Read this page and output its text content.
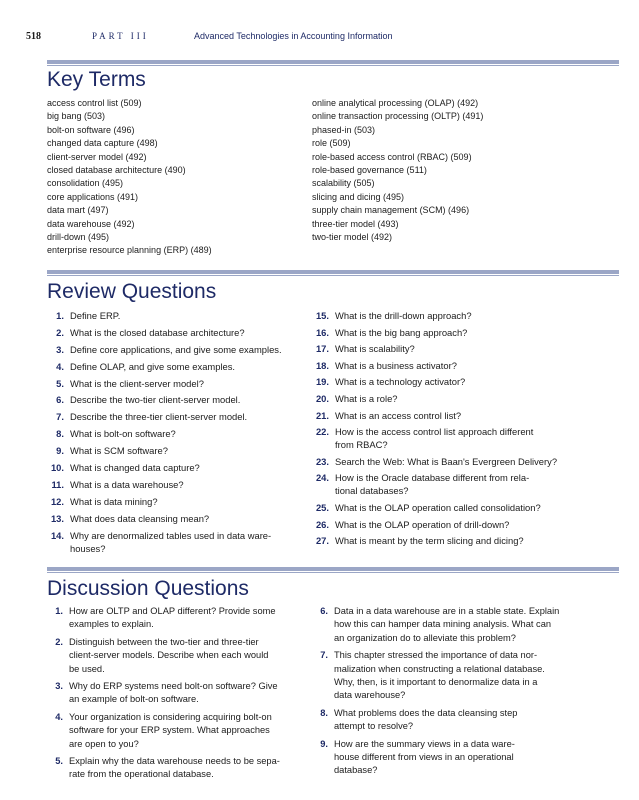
518	PART III	Advanced Technologies in Accounting Information
Key Terms
access control list (509)
big bang (503)
bolt-on software (496)
changed data capture (498)
client-server model (492)
closed database architecture (490)
consolidation (495)
core applications (491)
data mart (497)
data warehouse (492)
drill-down (495)
enterprise resource planning (ERP) (489)
online analytical processing (OLAP) (492)
online transaction processing (OLTP) (491)
phased-in (503)
role (509)
role-based access control (RBAC) (509)
role-based governance (511)
scalability (505)
slicing and dicing (495)
supply chain management (SCM) (496)
three-tier model (493)
two-tier model (492)
Review Questions
1. Define ERP.
2. What is the closed database architecture?
3. Define core applications, and give some examples.
4. Define OLAP, and give some examples.
5. What is the client-server model?
6. Describe the two-tier client-server model.
7. Describe the three-tier client-server model.
8. What is bolt-on software?
9. What is SCM software?
10. What is changed data capture?
11. What is a data warehouse?
12. What is data mining?
13. What does data cleansing mean?
14. Why are denormalized tables used in data ware-
houses?
15. What is the drill-down approach?
16. What is the big bang approach?
17. What is scalability?
18. What is a business activator?
19. What is a technology activator?
20. What is a role?
21. What is an access control list?
22. How is the access control list approach different
from RBAC?
23. Search the Web: What is Baan's Evergreen Delivery?
24. How is the Oracle database different from rela-
tional databases?
25. What is the OLAP operation called consolidation?
26. What is the OLAP operation of drill-down?
27. What is meant by the term slicing and dicing?
Discussion Questions
1. How are OLTP and OLAP different? Provide some
examples to explain.
2. Distinguish between the two-tier and three-tier
client-server models. Describe when each would
be used.
3. Why do ERP systems need bolt-on software? Give
an example of bolt-on software.
4. Your organization is considering acquiring bolt-on
software for your ERP system. What approaches
are open to you?
5. Explain why the data warehouse needs to be sepa-
rate from the operational database.
6. Data in a data warehouse are in a stable state. Explain
how this can hamper data mining analysis. What can
an organization do to alleviate this problem?
7. This chapter stressed the importance of data nor-
malization when constructing a relational database.
Why, then, is it important to denormalize data in a
data warehouse?
8. What problems does the data cleansing step
attempt to resolve?
9. How are the summary views in a data ware-
house different from views in an operational
database?
